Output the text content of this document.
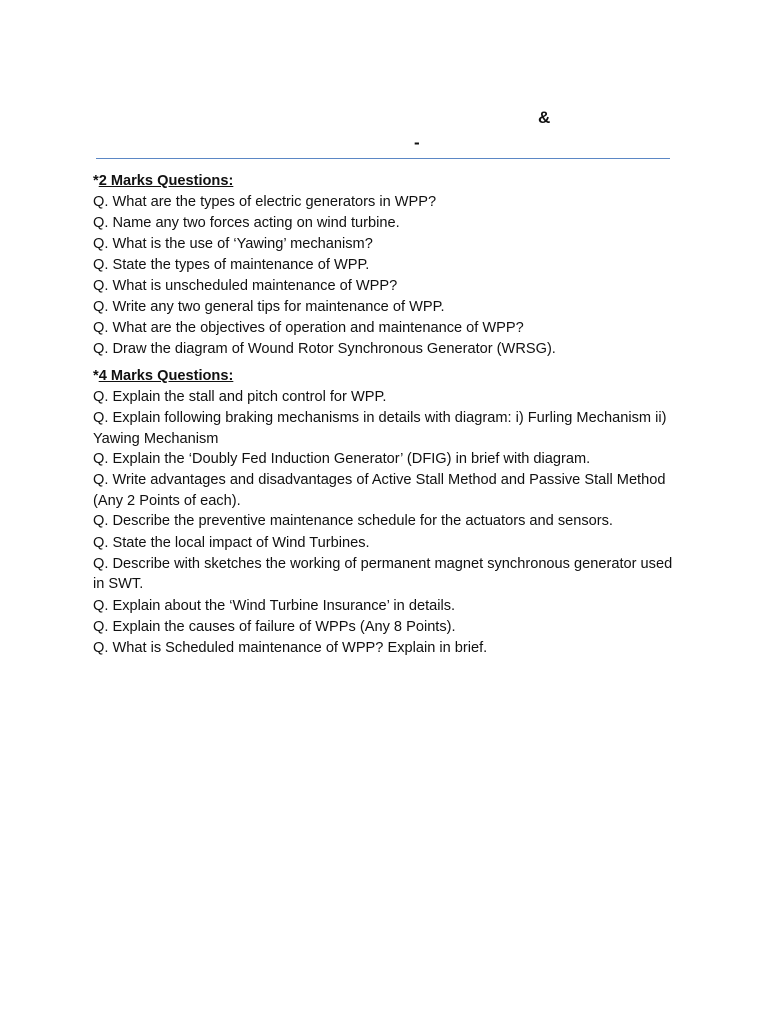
&
-
*2 Marks Questions:

Q. What are the types of electric generators in WPP?

Q. Name any two forces acting on wind turbine.

Q. What is the use of ‘Yawing’ mechanism?

Q. State the types of maintenance of WPP.

Q. What is unscheduled maintenance of WPP?

Q. Write any two general tips for maintenance of WPP.

Q. What are the objectives of operation and maintenance of WPP?

Q. Draw the diagram of Wound Rotor Synchronous Generator (WRSG).

*4 Marks Questions:

Q. Explain the stall and pitch control for WPP.

Q. Explain following braking mechanisms in details with diagram: i) Furling Mechanism ii) Yawing Mechanism

Q. Explain the ‘Doubly Fed Induction Generator’ (DFIG) in brief with diagram.

Q. Write advantages and disadvantages of Active Stall Method and Passive Stall Method (Any 2 Points of each).

Q. Describe the preventive maintenance schedule for the actuators and sensors.

Q. State the local impact of Wind Turbines.

Q. Describe with sketches the working of permanent magnet synchronous generator used in SWT.

Q. Explain about the ‘Wind Turbine Insurance’ in details.

Q. Explain the causes of failure of WPPs (Any 8 Points).

Q. What is Scheduled maintenance of WPP? Explain in brief.
